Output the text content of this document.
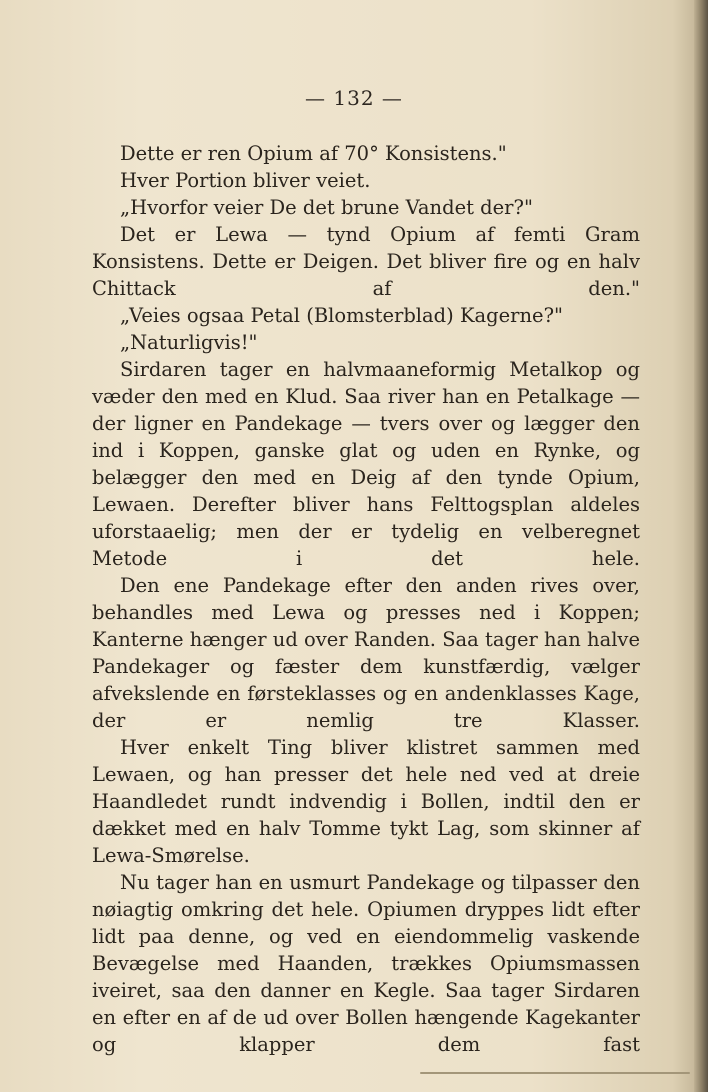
— 132 —

Dette er ren Opium af 70° Konsistens."

Hver Portion bliver veiet.

„Hvorfor veier De det brune Vandet der?"

Det er Lewa — tynd Opium af femti Gram Konsistens. Dette er Deigen. Det bliver fire og en halv Chittack af den."

„Veies ogsaa Petal (Blomsterblad) Kagerne?"

„Naturligvis!"

Sirdaren tager en halvmaaneformig Metalkop og væder den med en Klud. Saa river han en Petalkage — der ligner en Pandekage — tvers over og lægger den ind i Koppen, ganske glat og uden en Rynke, og belægger den med en Deig af den tynde Opium, Lewaen. Derefter bliver hans Felttogsplan aldeles uforstaaelig; men der er tydelig en velberegnet Metode i det hele.

Den ene Pandekage efter den anden rives over, behandles med Lewa og presses ned i Koppen; Kanterne hænger ud over Randen. Saa tager han halve Pandekager og fæster dem kunstfærdig, vælger afvekslende en førsteklasses og en andenklasses Kage, der er nemlig tre Klasser.

Hver enkelt Ting bliver klistret sammen med Lewaen, og han presser det hele ned ved at dreie Haandledet rundt indvendig i Bollen, indtil den er dækket med en halv Tomme tykt Lag, som skinner af Lewa-Smørelse.

Nu tager han en usmurt Pandekage og tilpasser den nøiagtig omkring det hele. Opiumen dryppes lidt efter lidt paa denne, og ved en eiendommelig vaskende Bevægelse med Haanden, trækkes Opiumsmassen ivеiret, saa den danner en Kegle. Saa tager Sirdaren en efter en af de ud over Bollen hængende Kagekanter og klapper dem fast
